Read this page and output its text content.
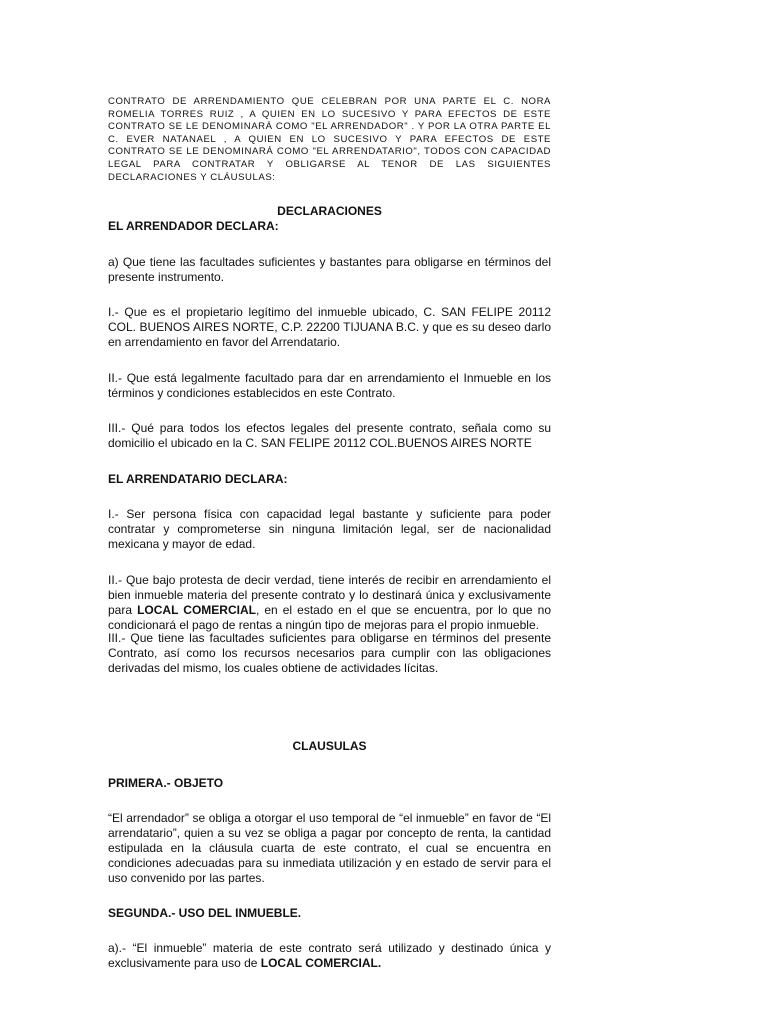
CONTRATO DE ARRENDAMIENTO QUE CELEBRAN POR UNA PARTE EL C. NORA ROMELIA TORRES RUIZ , A QUIEN EN LO SUCESIVO Y PARA EFECTOS DE ESTE CONTRATO SE LE DENOMINARÁ COMO "EL ARRENDADOR" . Y POR LA OTRA PARTE EL C. EVER NATANAEL , A QUIEN EN LO SUCESIVO Y PARA EFECTOS DE ESTE CONTRATO SE LE DENOMINARÁ COMO "EL ARRENDATARIO", TODOS CON CAPACIDAD LEGAL PARA CONTRATAR Y OBLIGARSE AL TENOR DE LAS SIGUIENTES DECLARACIONES Y CLÁUSULAS:

DECLARACIONES
EL ARRENDADOR DECLARA:

a) Que tiene las facultades suficientes y bastantes para obligarse en términos del presente instrumento.

I.- Que es el propietario legítimo del inmueble ubicado, C. SAN FELIPE 20112 COL. BUENOS AIRES NORTE, C.P. 22200 TIJUANA B.C. y que es su deseo darlo en arrendamiento en favor del Arrendatario.

II.- Que está legalmente facultado para dar en arrendamiento el Inmueble en los términos y condiciones establecidos en este Contrato.

III.- Qué para todos los efectos legales del presente contrato, señala como su domicilio el ubicado en la C. SAN FELIPE 20112 COL.BUENOS AIRES NORTE

EL ARRENDATARIO DECLARA:

I.- Ser persona física con capacidad legal bastante y suficiente para poder contratar y comprometerse sin ninguna limitación legal, ser de nacionalidad mexicana y mayor de edad.

II.- Que bajo protesta de decir verdad, tiene interés de recibir en arrendamiento el bien inmueble materia del presente contrato y lo destinará única y exclusivamente para LOCAL COMERCIAL, en el estado en el que se encuentra, por lo que no condicionará el pago de rentas a ningún tipo de mejoras para el propio inmueble.

III.- Que tiene las facultades suficientes para obligarse en términos del presente Contrato, así como los recursos necesarios para cumplir con las obligaciones derivadas del mismo, los cuales obtiene de actividades lícitas.

CLAUSULAS
PRIMERA.- OBJETO

“El arrendador” se obliga a otorgar el uso temporal de “el inmueble” en favor de “El arrendatario”, quien a su vez se obliga a pagar por concepto de renta, la cantidad estipulada en la cláusula cuarta de este contrato, el cual se encuentra en condiciones adecuadas para su inmediata utilización y en estado de servir para el uso convenido por las partes.

SEGUNDA.- USO DEL INMUEBLE.

a).- “El inmueble” materia de este contrato será utilizado y destinado única y exclusivamente para uso de LOCAL COMERCIAL.
